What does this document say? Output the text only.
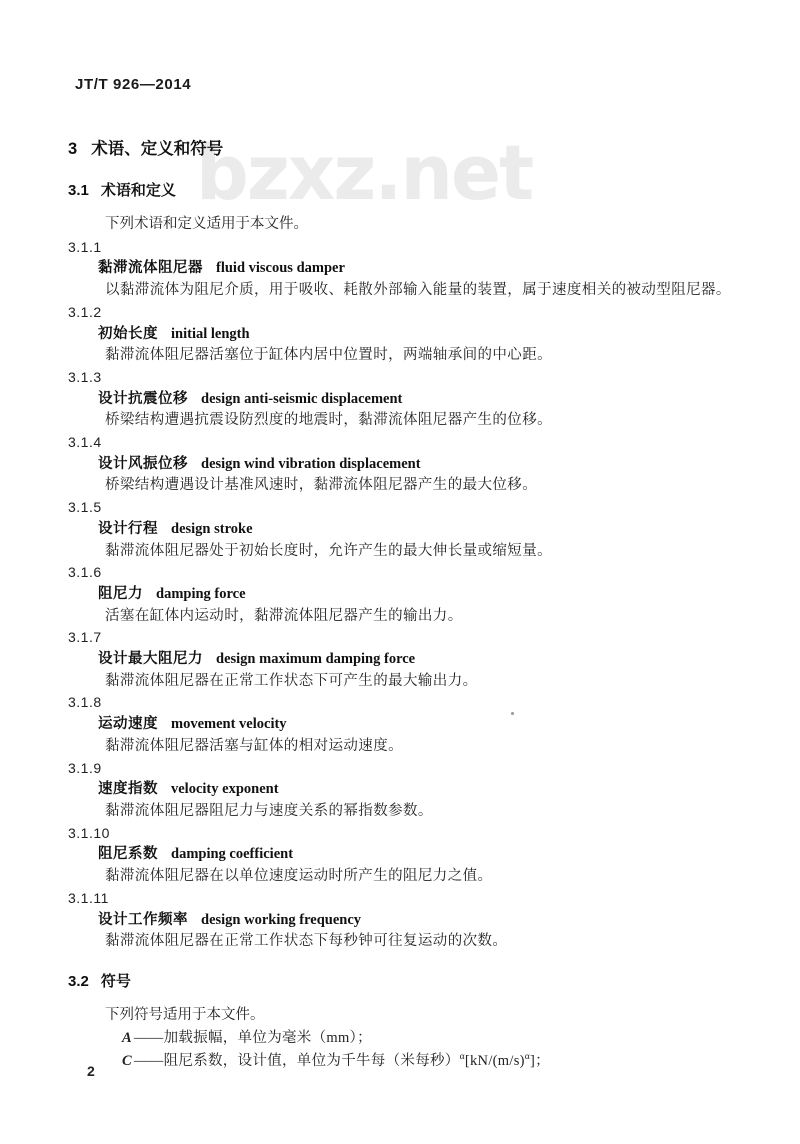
bzxz.net
JT/T 926—2014
3 术语、定义和符号
3.1 术语和定义
下列术语和定义适用于本文件。
3.1.1
黏滞流体阻尼器 fluid viscous damper
以黏滞流体为阻尼介质，用于吸收、耗散外部输入能量的装置，属于速度相关的被动型阻尼器。
3.1.2
初始长度 initial length
黏滞流体阻尼器活塞位于缸体内居中位置时，两端轴承间的中心距。
3.1.3
设计抗震位移 design anti-seismic displacement
桥梁结构遭遇抗震设防烈度的地震时，黏滞流体阻尼器产生的位移。
3.1.4
设计风振位移 design wind vibration displacement
桥梁结构遭遇设计基准风速时，黏滞流体阻尼器产生的最大位移。
3.1.5
设计行程 design stroke
黏滞流体阻尼器处于初始长度时，允许产生的最大伸长量或缩短量。
3.1.6
阻尼力 damping force
活塞在缸体内运动时，黏滞流体阻尼器产生的输出力。
3.1.7
设计最大阻尼力 design maximum damping force
黏滞流体阻尼器在正常工作状态下可产生的最大输出力。
3.1.8
运动速度 movement velocity
黏滞流体阻尼器活塞与缸体的相对运动速度。
3.1.9
速度指数 velocity exponent
黏滞流体阻尼器阻尼力与速度关系的幂指数参数。
3.1.10
阻尼系数 damping coefficient
黏滞流体阻尼器在以单位速度运动时所产生的阻尼力之值。
3.1.11
设计工作频率 design working frequency
黏滞流体阻尼器在正常工作状态下每秒钟可往复运动的次数。
3.2 符号
下列符号适用于本文件。
A ——加载振幅，单位为毫米（mm）；
C ——阻尼系数，设计值，单位为千牛每（米每秒）$^\alpha[kN/(m/s)^\alpha]$；
2
